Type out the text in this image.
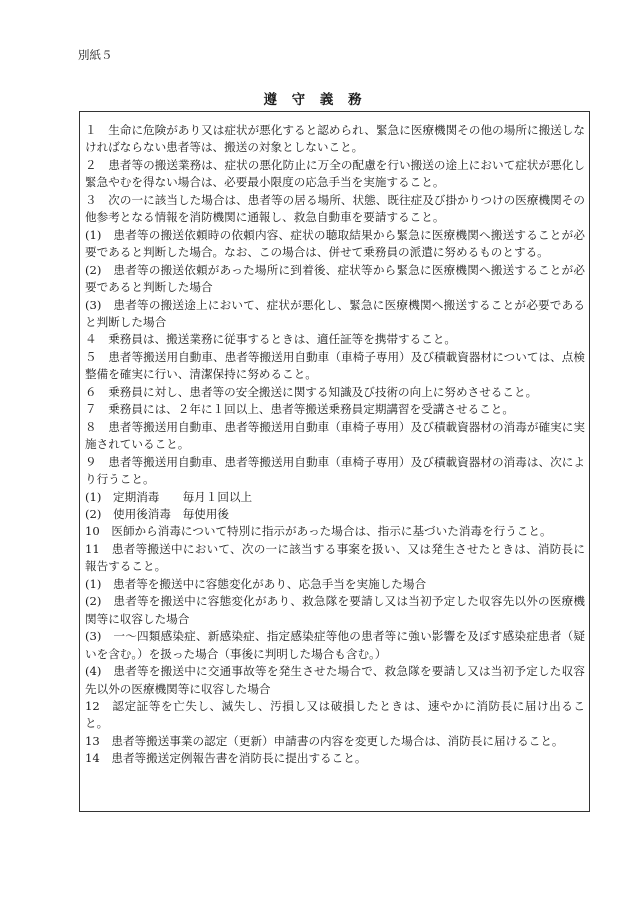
別紙５
遵 守 義 務
１　生命に危険があり又は症状が悪化すると認められ、緊急に医療機関その他の場所に搬送しなければならない患者等は、搬送の対象としないこと。
２　患者等の搬送業務は、症状の悪化防止に万全の配慮を行い搬送の途上において症状が悪化し緊急やむを得ない場合は、必要最小限度の応急手当を実施すること。
３　次の一に該当した場合は、患者等の居る場所、状態、既往症及び掛かりつけの医療機関その他参考となる情報を消防機関に通報し、救急自動車を要請すること。
(1)　患者等の搬送依頼時の依頼内容、症状の聴取結果から緊急に医療機関へ搬送することが必要であると判断した場合。なお、この場合は、併せて乗務員の派遣に努めるものとする。
(2)　患者等の搬送依頼があった場所に到着後、症状等から緊急に医療機関へ搬送することが必要であると判断した場合
(3)　患者等の搬送途上において、症状が悪化し、緊急に医療機関へ搬送することが必要であると判断した場合
４　乗務員は、搬送業務に従事するときは、適任証等を携帯すること。
５　患者等搬送用自動車、患者等搬送用自動車（車椅子専用）及び積載資器材については、点検整備を確実に行い、清潔保持に努めること。
６　乗務員に対し、患者等の安全搬送に関する知識及び技術の向上に努めさせること。
７　乗務員には、２年に１回以上、患者等搬送乗務員定期講習を受講させること。
８　患者等搬送用自動車、患者等搬送用自動車（車椅子専用）及び積載資器材の消毒が確実に実施されていること。
９　患者等搬送用自動車、患者等搬送用自動車（車椅子専用）及び積載資器材の消毒は、次により行うこと。
(1)　定期消毒　　毎月１回以上
(2)　使用後消毒　毎使用後
10　医師から消毒について特別に指示があった場合は、指示に基づいた消毒を行うこと。
11　患者等搬送中において、次の一に該当する事案を扱い、又は発生させたときは、消防長に報告すること。
(1)　患者等を搬送中に容態変化があり、応急手当を実施した場合
(2)　患者等を搬送中に容態変化があり、救急隊を要請し又は当初予定した収容先以外の医療機関等に収容した場合
(3)　一～四類感染症、新感染症、指定感染症等他の患者等に強い影響を及ぼす感染症患者（疑いを含む。）を扱った場合（事後に判明した場合も含む。）
(4)　患者等を搬送中に交通事故等を発生させた場合で、救急隊を要請し又は当初予定した収容先以外の医療機関等に収容した場合
12　認定証等を亡失し、滅失し、汚損し又は破損したときは、速やかに消防長に届け出ること。
13　患者等搬送事業の認定（更新）申請書の内容を変更した場合は、消防長に届けること。
14　患者等搬送定例報告書を消防長に提出すること。
